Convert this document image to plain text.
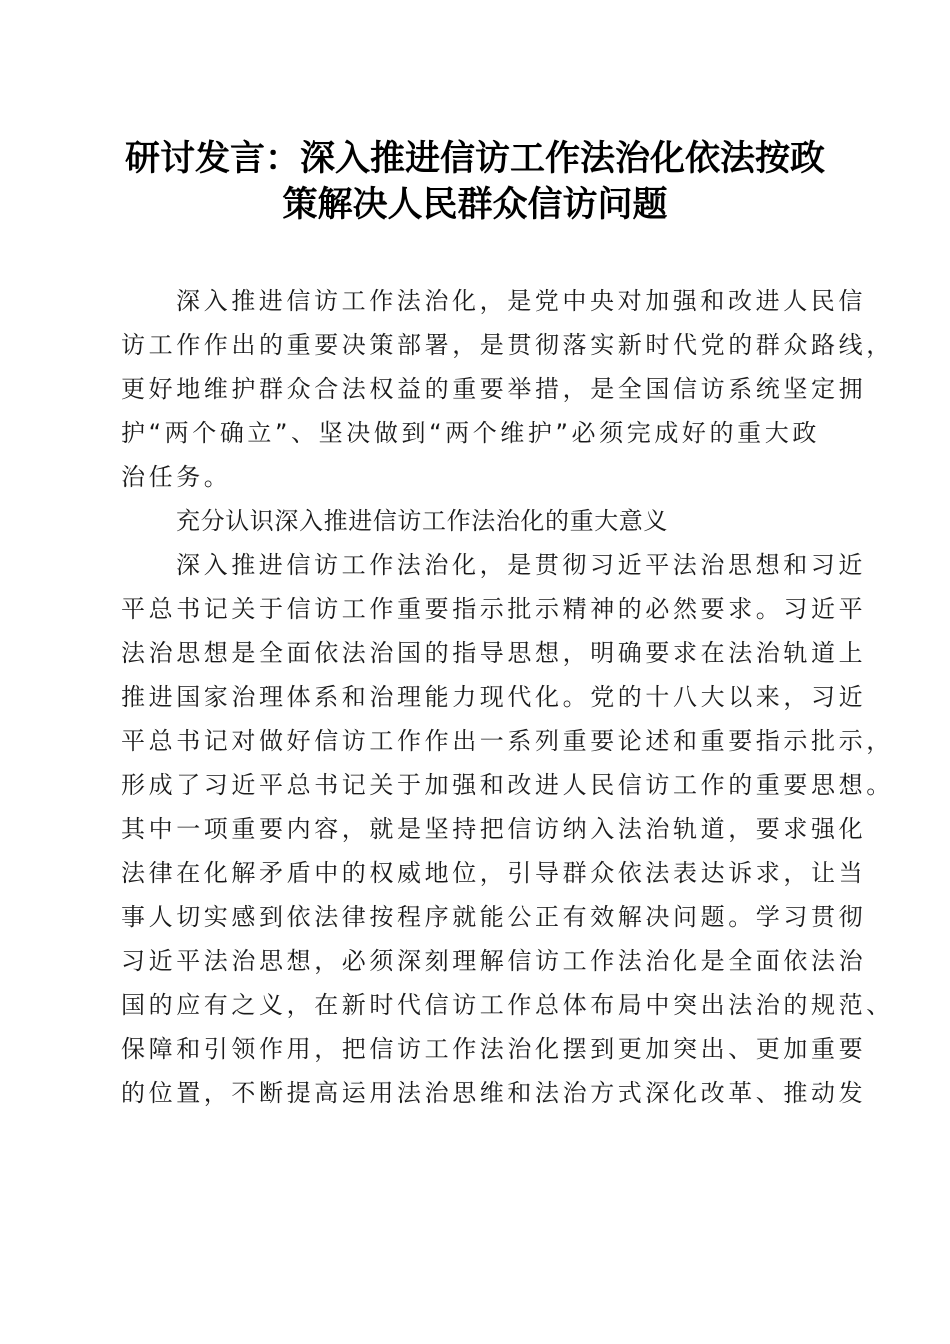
研讨发言：深入推进信访工作法治化依法按政
策解决人民群众信访问题

深入推进信访工作法治化，是党中央对加强和改进人民信
访工作作出的重要决策部署，是贯彻落实新时代党的群众路线，
更好地维护群众合法权益的重要举措，是全国信访系统坚定拥
护“两个确立”、坚决做到“两个维护”必须完成好的重大政
治任务。

充分认识深入推进信访工作法治化的重大意义

深入推进信访工作法治化，是贯彻习近平法治思想和习近
平总书记关于信访工作重要指示批示精神的必然要求。习近平
法治思想是全面依法治国的指导思想，明确要求在法治轨道上
推进国家治理体系和治理能力现代化。党的十八大以来，习近
平总书记对做好信访工作作出一系列重要论述和重要指示批示，
形成了习近平总书记关于加强和改进人民信访工作的重要思想。
其中一项重要内容，就是坚持把信访纳入法治轨道，要求强化
法律在化解矛盾中的权威地位，引导群众依法表达诉求，让当
事人切实感到依法律按程序就能公正有效解决问题。学习贯彻
习近平法治思想，必须深刻理解信访工作法治化是全面依法治
国的应有之义，在新时代信访工作总体布局中突出法治的规范、
保障和引领作用，把信访工作法治化摆到更加突出、更加重要
的位置，不断提高运用法治思维和法治方式深化改革、推动发
